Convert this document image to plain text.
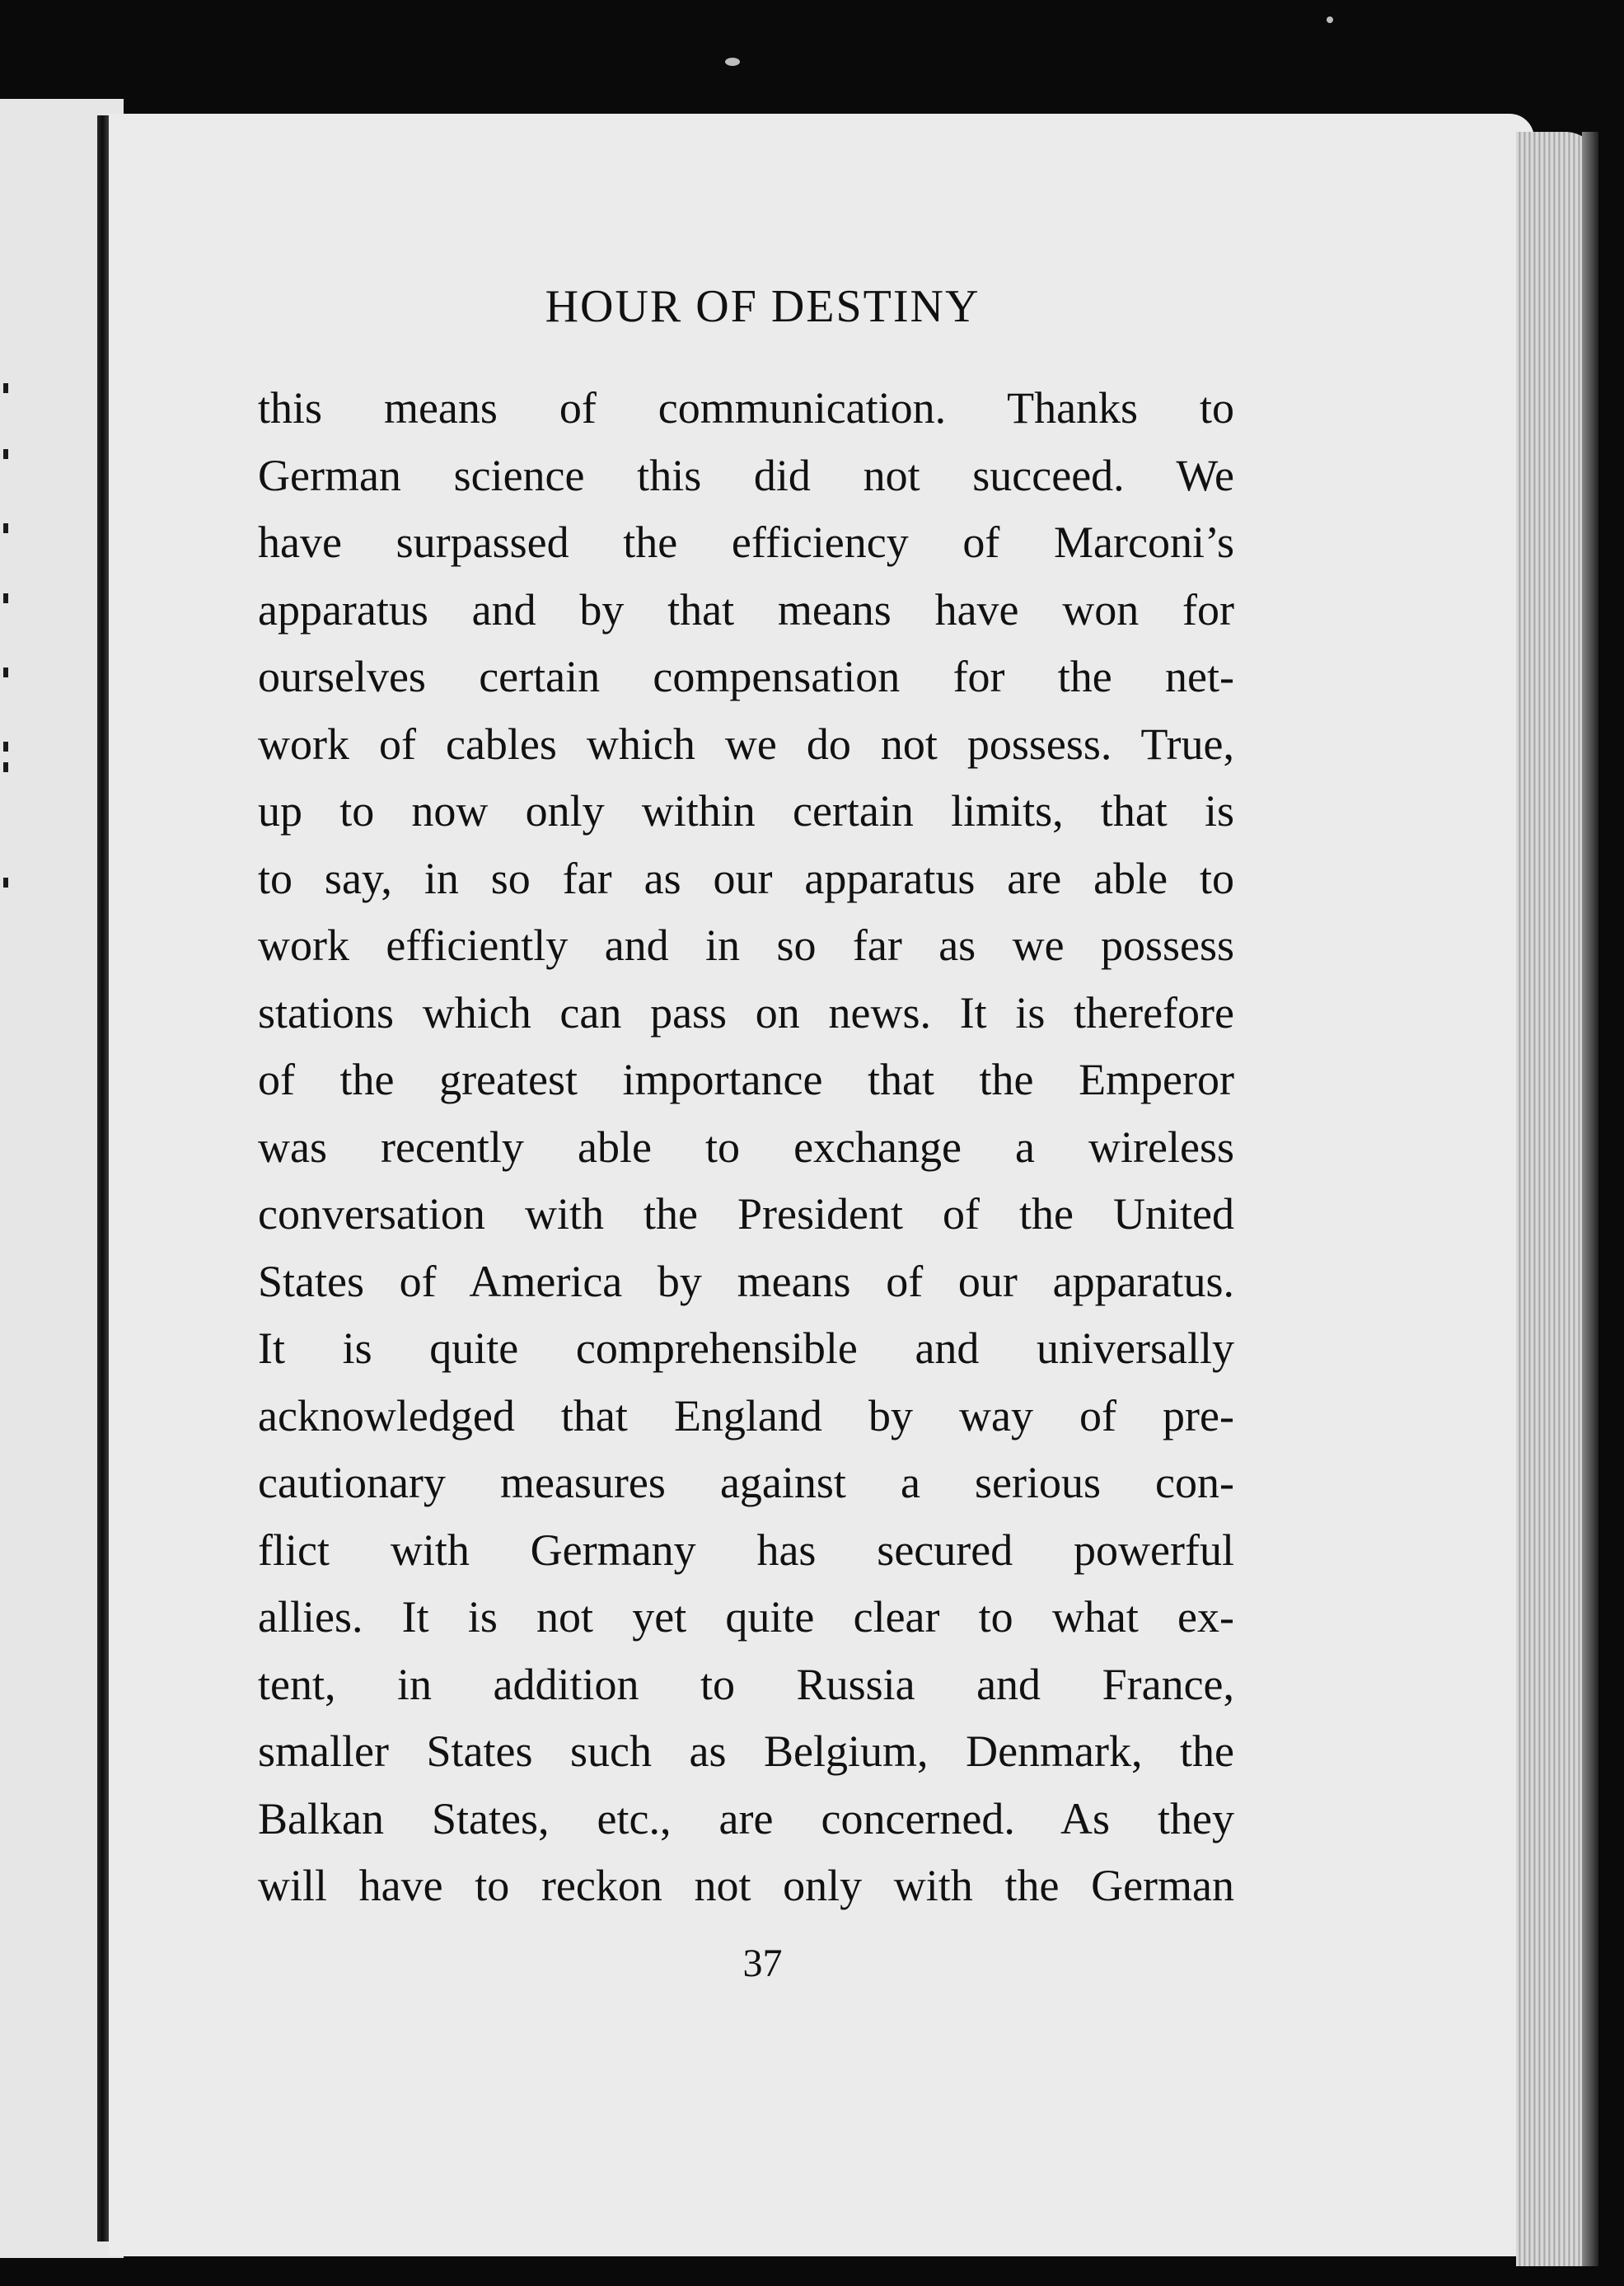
HOUR OF DESTINY
this means of communication. Thanks to
German science this did not succeed. We
have surpassed the efficiency of Marconi’s
apparatus and by that means have won for
ourselves certain compensation for the net-
work of cables which we do not possess. True,
up to now only within certain limits, that is
to say, in so far as our apparatus are able to
work efficiently and in so far as we possess
stations which can pass on news. It is therefore
of the greatest importance that the Emperor
was recently able to exchange a wireless
conversation with the President of the United
States of America by means of our apparatus.
It is quite comprehensible and universally
acknowledged that England by way of pre-
cautionary measures against a serious con-
flict with Germany has secured powerful
allies. It is not yet quite clear to what ex-
tent, in addition to Russia and France,
smaller States such as Belgium, Denmark, the
Balkan States, etc., are concerned. As they
will have to reckon not only with the German
37
